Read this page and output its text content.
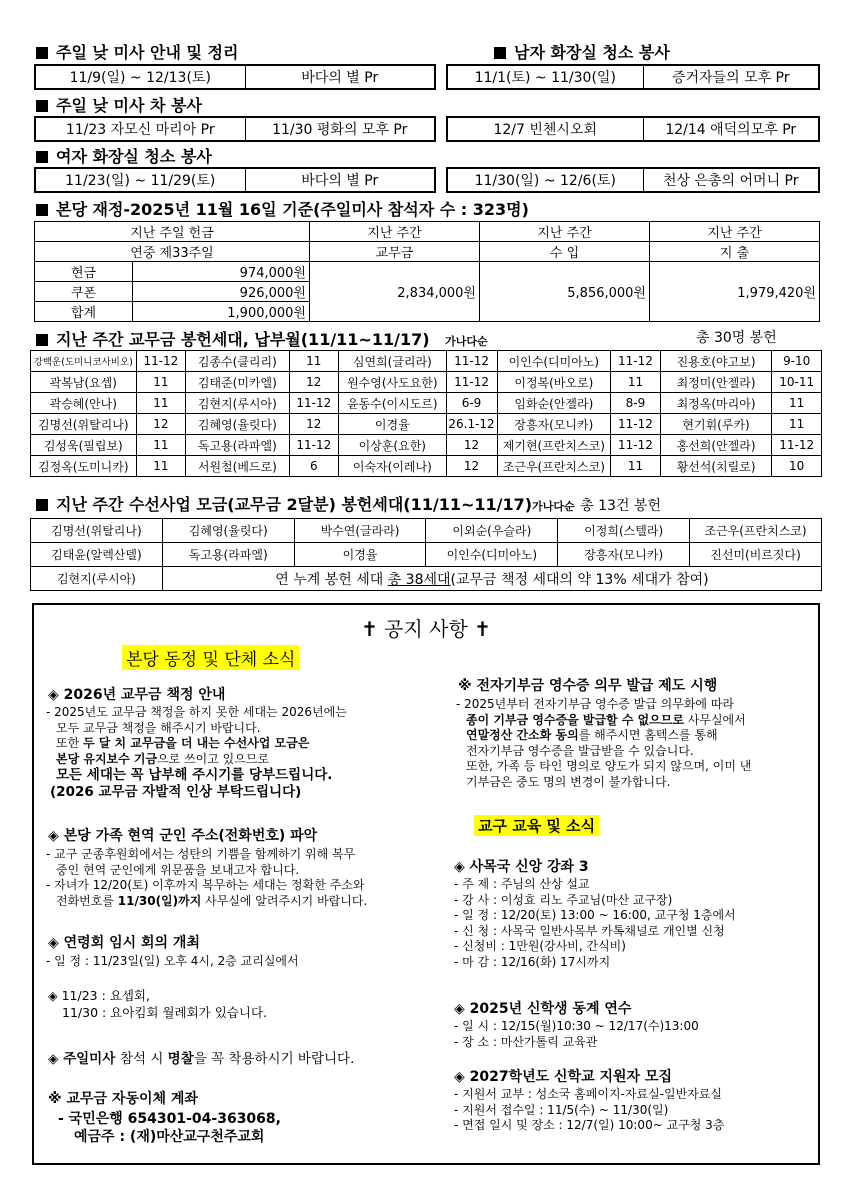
주일 낮 미사 안내 및 정리	남자 화장실 청소 봉사
11/9(일) ~ 12/13(토)	바다의 별 Pr	11/1(토) ~ 11/30(일)	증거자들의 모후 Pr
주일 낮 미사 차 봉사
11/23 자모신 마리아 Pr	11/30 평화의 모후 Pr	12/7 빈첸시오회	12/14 애덕의모후 Pr
여자 화장실 청소 봉사
11/23(일) ~ 11/29(토)	바다의 별 Pr	11/30(일) ~ 12/6(토)	천상 은총의 어머니 Pr
본당 재정-2025년 11월 16일 기준(주일미사 참석자 수 : 323명)
지난 주일 헌금		지난 주간	지난 주간	지난 주간
연중 제33주일		교무금	수 입	지 출
현금	974,000원	2,834,000원	5,856,000원	1,979,420원
쿠폰	926,000원			
합계	1,900,000원			
지난 주간 교무금 봉헌세대, 납부월(11/11~11/17) 가나다순	총 30명 봉헌
강백운(도미니코사비오)	11-12	김종수(클리리)	11	심연희(글리라)	11-12	이인수(디미아노)	11-12	진용호(야고보)	9-10
곽복남(요셉)	11	김태준(미카엘)	12	원수영(사도요한)	11-12	이정복(바오로)	11	최정미(안젤라)	10-11
곽승혜(안나)	11	김현지(루시아)	11-12	윤동수(이시도르)	6-9	임화순(안젤라)	8-9	최정옥(마리아)	11
김명선(위탈리나)	12	김혜영(율릿다)	12	이경율	26.1-12	장흥자(모니카)	11-12	현기휘(루카)	11
김성욱(필립보)	11	독고용(라파엘)	11-12	이상훈(요한)	12	제기현(프란치스코)	11-12	홍선희(안젤라)	11-12
김정옥(도미니카)	11	서원철(베드로)	6	이숙자(이레나)	12	조근우(프란치스코)	11	황선석(치릴로)	10
지난 주간 수선사업 모금(교무금 2달분) 봉헌세대(11/11~11/17)가나다순 총 13건 봉헌
김명선(위탈리나)	김혜영(율릿다)	박수연(글라라)	이외순(우슬라)	이정희(스텔라)	조근우(프란치스코)
김태윤(알렉산델)	독고용(라파엘)	이경율	이인수(디미아노)	장흥자(모니카)	진선미(비르짓다)
김현지(루시아)	연 누계 봉헌 세대 총 38세대(교무금 책정 세대의 약 13% 세대가 참여)				
✝ 공지 사항 ✝
본당 동정 및 단체 소식
◈ 2026년 교무금 책정 안내
- 2025년도 교무금 책정을 하지 못한 세대는 2026년에는
모두 교무금 책정을 해주시기 바랍니다.
또한 두 달 치 교무금을 더 내는 수선사업 모금은
본당 유지보수 기금으로 쓰이고 있으므로
모든 세대는 꼭 납부해 주시기를 당부드립니다.
(2026 교무금 자발적 인상 부탁드립니다)
◈ 본당 가족 현역 군인 주소(전화번호) 파악
- 교구 군종후원회에서는 성탄의 기쁨을 함께하기 위해 복무
중인 현역 군인에게 위문품을 보내고자 합니다.
- 자녀가 12/20(토) 이후까지 복무하는 세대는 정확한 주소와
전화번호를 11/30(일)까지 사무실에 알려주시기 바랍니다.
◈ 연령회 임시 회의 개최
- 일 정 : 11/23일(일) 오후 4시, 2층 교리실에서
◈ 11/23 : 요셉회,
11/30 : 요아킴회 월례회가 있습니다.
◈ 주일미사 참석 시 명찰을 꼭 착용하시기 바랍니다.
※ 교무금 자동이체 계좌
- 국민은행 654301-04-363068,
예금주 : (재)마산교구천주교회
※ 전자기부금 영수증 의무 발급 제도 시행
- 2025년부터 전자기부금 영수증 발급 의무화에 따라
종이 기부금 영수증을 발급할 수 없으므로 사무실에서
연말정산 간소화 동의를 해주시면 홈텍스를 통해
전자기부금 영수증을 발급받을 수 있습니다.
또한, 가족 등 타인 명의로 양도가 되지 않으며, 이미 낸
기부금은 중도 명의 변경이 불가합니다.
교구 교육 및 소식
◈ 사목국 신앙 강좌 3
- 주 제 : 주님의 산상 설교
- 강 사 : 이성효 리노 주교님(마산 교구장)
- 일 정 : 12/20(토) 13:00 ~ 16:00, 교구청 1층에서
- 신 청 : 사목국 일반사목부 카톡채널로 개인별 신청
- 신청비 : 1만원(강사비, 간식비)
- 마 감 : 12/16(화) 17시까지
◈ 2025년 신학생 동계 연수
- 일 시 : 12/15(월)10:30 ~ 12/17(수)13:00
- 장 소 : 마산가톨릭 교육관
◈ 2027학년도 신학교 지원자 모집
- 지원서 교부 : 성소국 홈페이지-자료실-일반자료실
- 지원서 접수일 : 11/5(수) ~ 11/30(일)
- 면접 일시 및 장소 : 12/7(일) 10:00~ 교구청 3층
